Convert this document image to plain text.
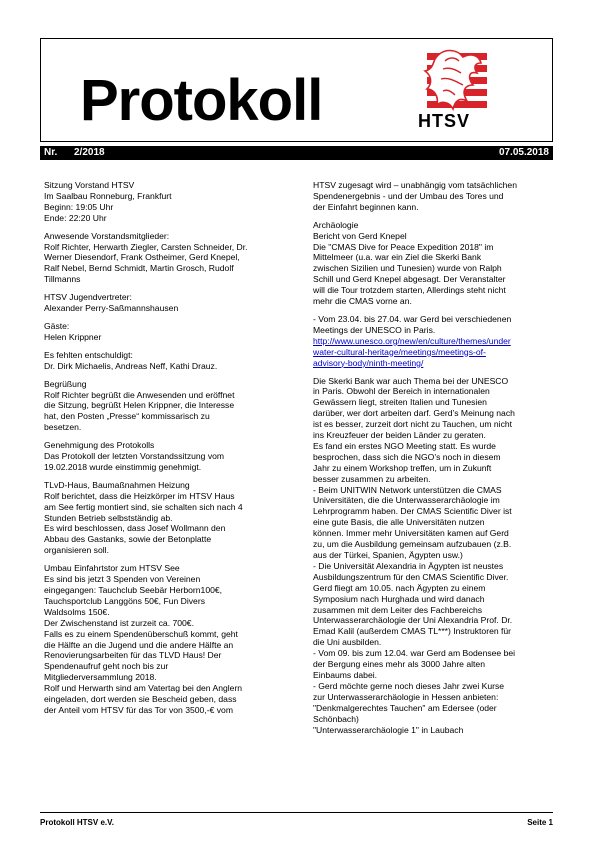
Protokoll	HTSV
Nr. 2/2018	07.05.2018

Sitzung Vorstand HTSV

Im Saalbau Ronneburg, Frankfurt

Beginn: 19:05 Uhr

Ende: 22:20 Uhr

Anwesende Vorstandsmitglieder:

Rolf Richter, Herwarth Ziegler, Carsten Schneider, Dr.

Werner Diesendorf, Frank Ostheimer, Gerd Knepel,

Ralf Nebel, Bernd Schmidt, Martin Grosch, Rudolf

Tillmanns

HTSV Jugendvertreter:

Alexander Perry-Saßmannshausen

Gäste:

Helen Krippner

Es fehlten entschuldigt:

Dr. Dirk Michaelis, Andreas Neff, Kathi Drauz.

Begrüßung

Rolf Richter begrüßt die Anwesenden und eröffnet

die Sitzung, begrüßt Helen Krippner, die Interesse

hat, den Posten „Presse“ kommissarisch zu

besetzen.

Genehmigung des Protokolls

Das Protokoll der letzten Vorstandssitzung vom

19.02.2018 wurde einstimmig genehmigt.

TLvD-Haus, Baumaßnahmen Heizung

Rolf berichtet, dass die Heizkörper im HTSV Haus

am See fertig montiert sind, sie schalten sich nach 4

Stunden Betrieb selbstständig ab.

Es wird beschlossen, dass Josef Wollmann den

Abbau des Gastanks, sowie der Betonplatte

organisieren soll.

Umbau Einfahrtstor zum HTSV See

Es sind bis jetzt 3 Spenden von Vereinen

eingegangen: Tauchclub Seebär Herborn100€,

Tauchsportclub Langgöns 50€, Fun Divers

Waldsolms 150€.

Der Zwischenstand ist zurzeit ca. 700€.

Falls es zu einem Spendenüberschuß kommt, geht

die Hälfte an die Jugend und die andere Hälfte an

Renovierungsarbeiten für das TLVD Haus! Der

Spendenaufruf geht noch bis zur

Mitgliederversammlung 2018.

Rolf und Herwarth sind am Vatertag bei den Anglern

eingeladen, dort werden sie Bescheid geben, dass

der Anteil vom HTSV für das Tor von 3500,-€ vom

HTSV zugesagt wird – unabhängig vom tatsächlichen

Spendenergebnis - und der Umbau des Tores und

der Einfahrt beginnen kann.

Archäologie

Bericht von Gerd Knepel

Die "CMAS Dive for Peace Expedition 2018" im

Mittelmeer (u.a. war ein Ziel die Skerki Bank

zwischen Sizilien und Tunesien) wurde von Ralph

Schill und Gerd Knepel abgesagt. Der Veranstalter

will die Tour trotzdem starten, Allerdings steht nicht

mehr die CMAS vorne an.

- Vom 23.04. bis 27.04. war Gerd bei verschiedenen

Meetings der UNESCO in Paris.

http://www.unesco.org/new/en/culture/themes/under

water-cultural-heritage/meetings/meetings-of-

advisory-body/ninth-meeting/

Die Skerki Bank war auch Thema bei der UNESCO

in Paris. Obwohl der Bereich in internationalen

Gewässern liegt, streiten Italien und Tunesien

darüber, wer dort arbeiten darf. Gerd’s Meinung nach

ist es besser, zurzeit dort nicht zu Tauchen, um nicht

ins Kreuzfeuer der beiden Länder zu geraten.

Es fand ein erstes NGO Meeting statt. Es wurde

besprochen, dass sich die NGO’s noch in diesem

Jahr zu einem Workshop treffen, um in Zukunft

besser zusammen zu arbeiten.

- Beim UNITWIN Network unterstützen die CMAS

Universitäten, die die Unterwasserarchäologie im

Lehrprogramm haben. Der CMAS Scientific Diver ist

eine gute Basis, die alle Universitäten nutzen

können. Immer mehr Universitäten kamen auf Gerd

zu, um die Ausbildung gemeinsam aufzubauen (z.B.

aus der Türkei, Spanien, Ägypten usw.)

- Die Universität Alexandria in Ägypten ist neustes

Ausbildungszentrum für den CMAS Scientific Diver.

Gerd fliegt am 10.05. nach Ägypten zu einem

Symposium nach Hurghada und wird danach

zusammen mit dem Leiter des Fachbereichs

Unterwasserarchäologie der Uni Alexandria Prof. Dr.

Emad Kalil (außerdem CMAS TL***) Instruktoren für

die Uni ausbilden.

- Vom 09. bis zum 12.04. war Gerd am Bodensee bei

der Bergung eines mehr als 3000 Jahre alten

Einbaums dabei.

- Gerd möchte gerne noch dieses Jahr zwei Kurse

zur Unterwasserarchäologie in Hessen anbieten:

"Denkmalgerechtes Tauchen" am Edersee (oder

Schönbach)

"Unterwasserarchäologie 1" in Laubach

Protokoll HTSV e.V.	Seite 1
